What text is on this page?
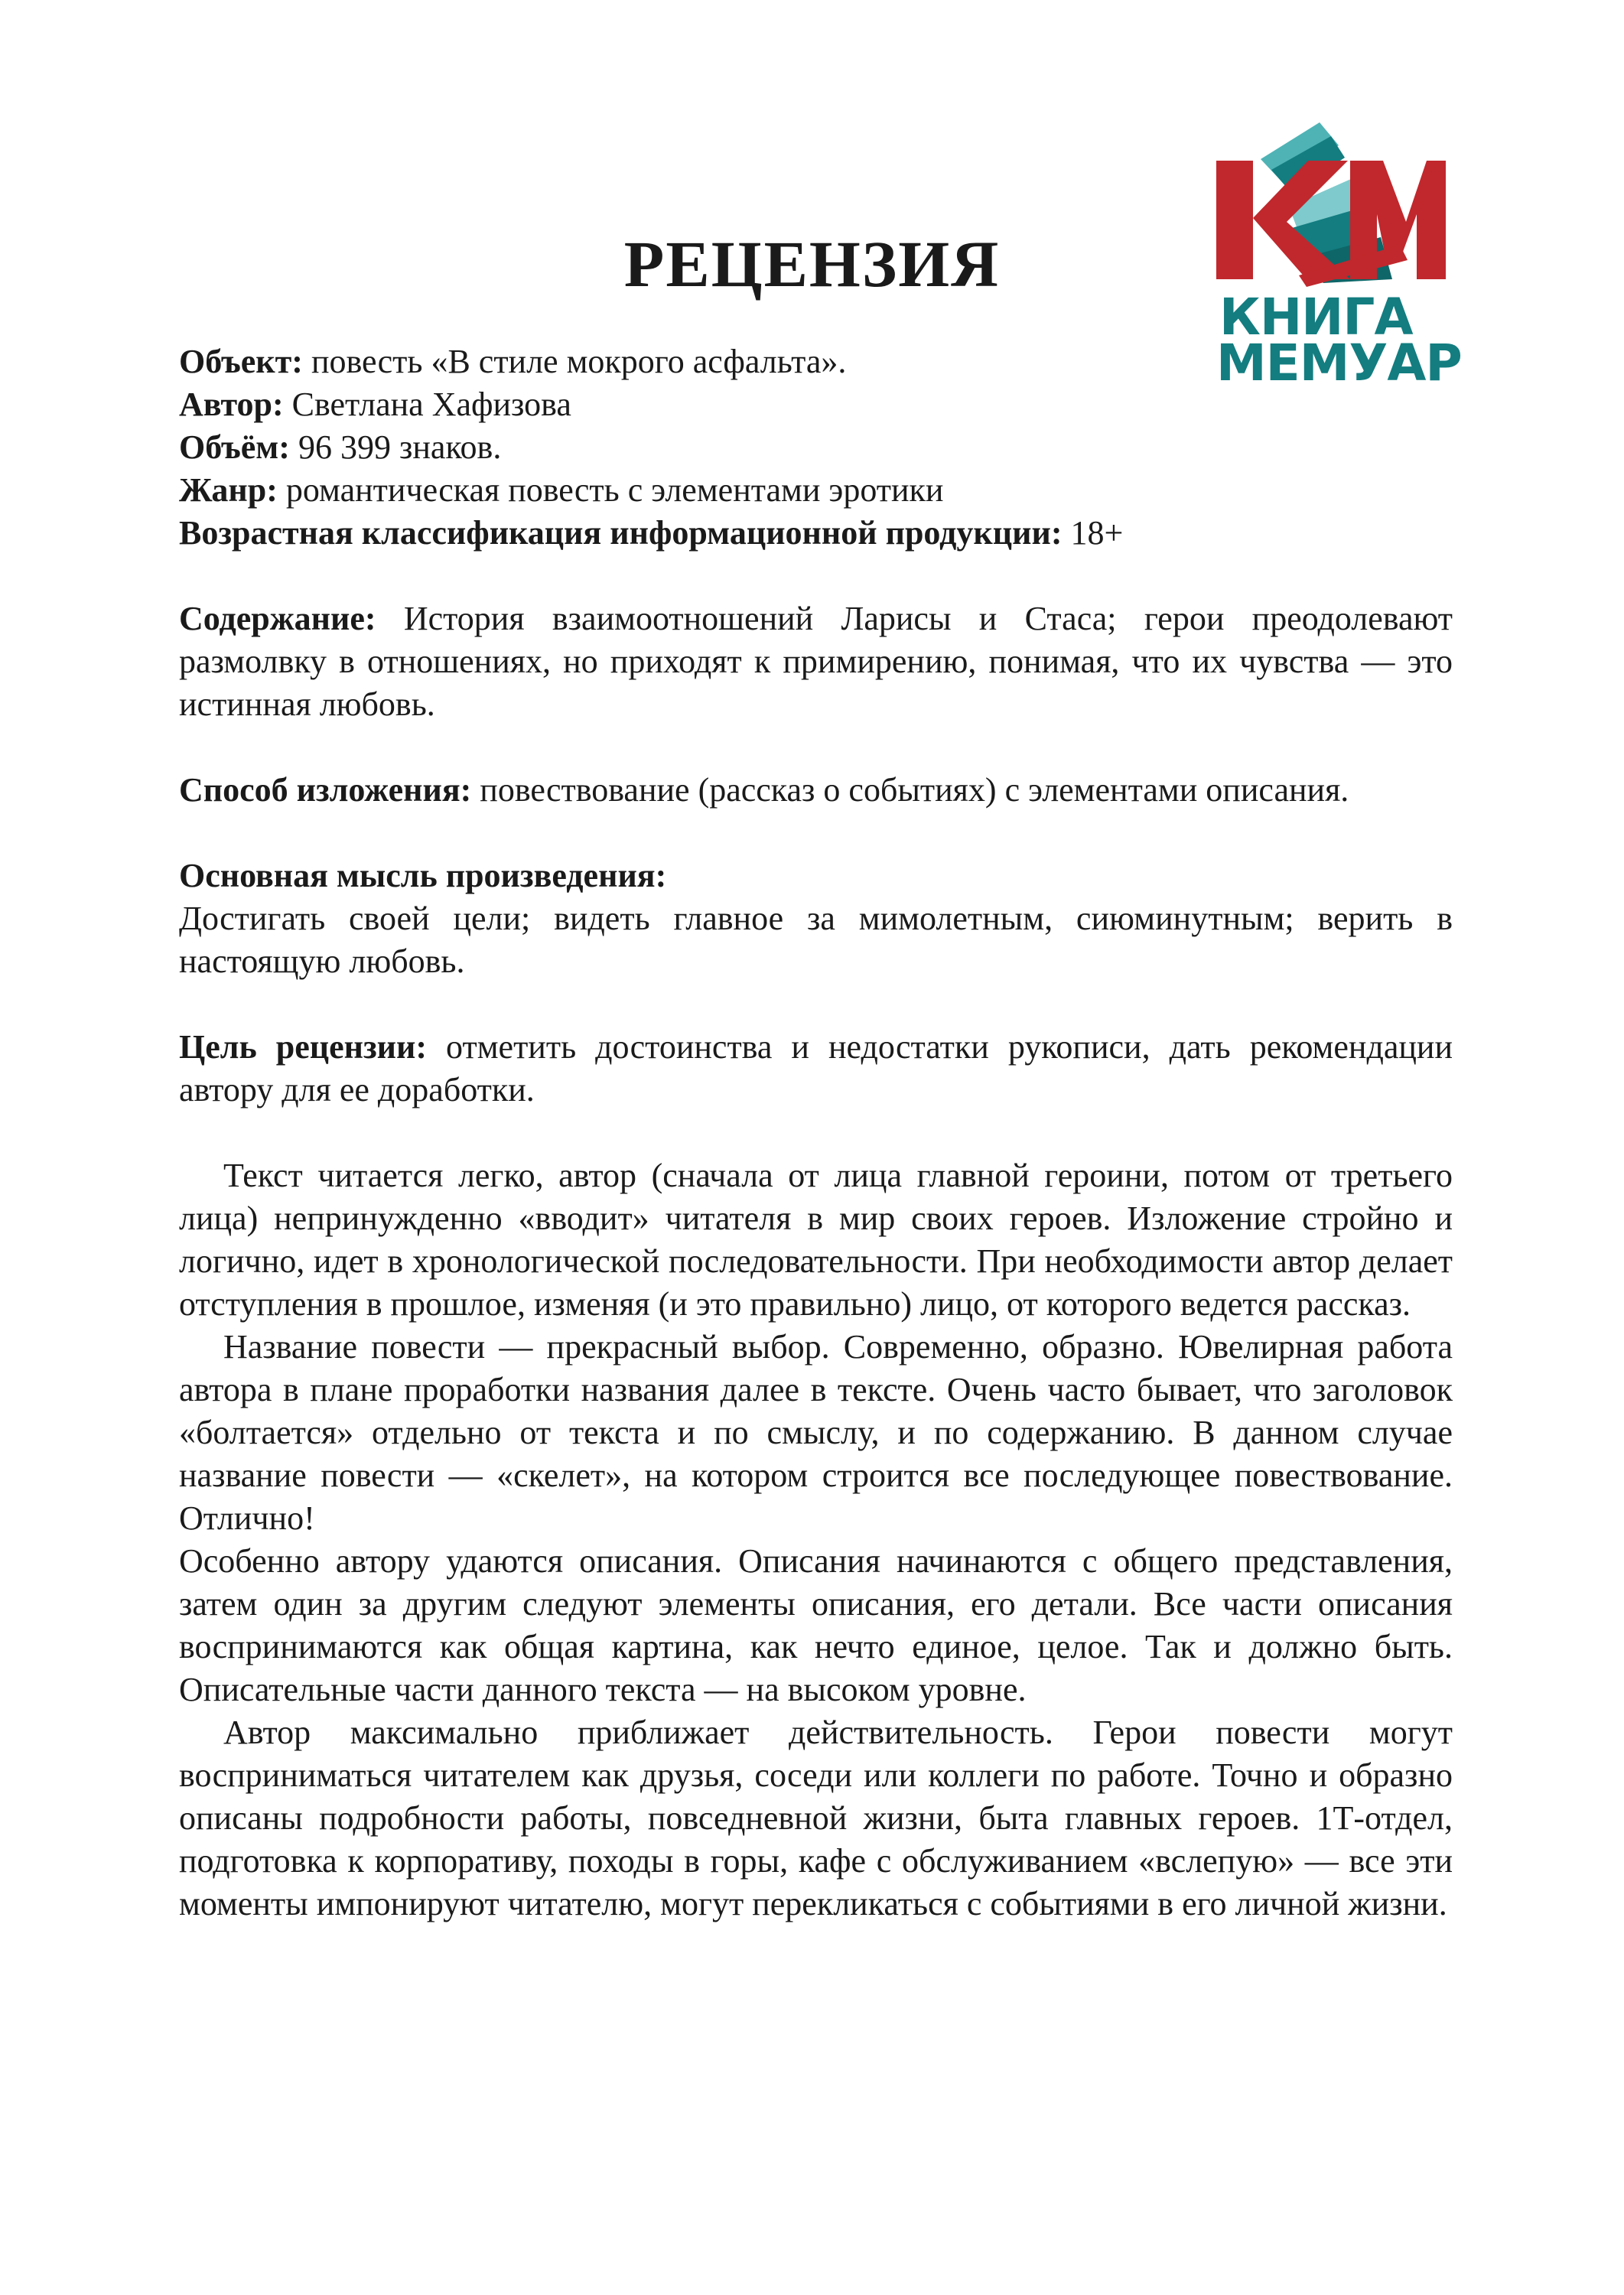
КНИГА
МЕМУАР
РЕЦЕНЗИЯ

Объект: повесть «В стиле мокрого асфальта».

Автор: Светлана Хафизова

Объём: 96 399 знаков.

Жанр: романтическая повесть с элементами эротики

Возрастная классификация информационной продукции: 18+

Содержание: История взаимоотношений Ларисы и Стаса; герои преодолевают размолвку в отношениях, но приходят к примирению, понимая, что их чувства — это истинная любовь.

Способ изложения: повествование (рассказ о событиях) с элементами описания.

Основная мысль произведения:

Достигать своей цели; видеть главное за мимолетным, сиюминутным; верить в настоящую любовь.

Цель рецензии: отметить достоинства и недостатки рукописи, дать рекомендации автору для ее доработки.

Текст читается легко, автор (сначала от лица главной героини, потом от третьего лица) непринужденно «вводит» читателя в мир своих героев. Изложение стройно и логично, идет в хронологической последовательности. При необходимости автор делает отступления в прошлое, изменяя (и это правильно) лицо, от которого ведется рассказ.

Название повести — прекрасный выбор. Современно, образно. Ювелирная работа автора в плане проработки названия далее в тексте. Очень часто бывает, что заголовок «болтается» отдельно от текста и по смыслу, и по содержанию. В данном случае название повести — «скелет», на котором строится все последующее повествование. Отлично!

Особенно автору удаются описания. Описания начинаются с общего представления, затем один за другим следуют элементы описания, его детали. Все части описания воспринимаются как общая картина, как нечто единое, целое. Так и должно быть. Описательные части данного текста — на высоком уровне.

Автор максимально приближает действительность. Герои повести могут восприниматься читателем как друзья, соседи или коллеги по работе. Точно и образно описаны подробности работы, повседневной жизни, быта главных героев. 1Т-отдел, подготовка к корпоративу, походы в горы, кафе с обслуживанием «вслепую» — все эти моменты импонируют читателю, могут перекликаться с событиями в его личной жизни.
